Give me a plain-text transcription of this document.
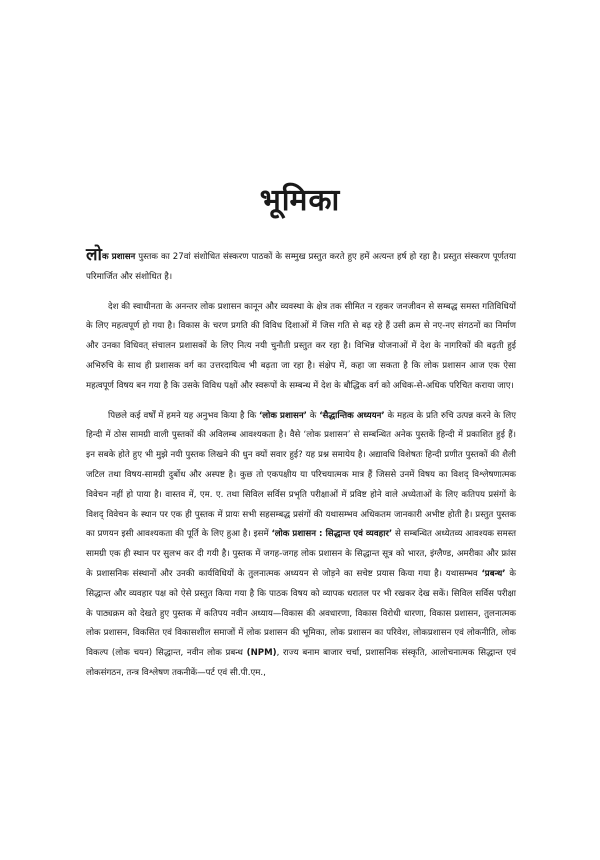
भूमिका

लोक प्रशासन पुस्तक का 27वां संशोधित संस्करण पाठकों के सम्मुख प्रस्तुत करते हुए हमें अत्यन्त हर्ष हो रहा है। प्रस्तुत संस्करण पूर्णतया परिमार्जित और संशोधित है।

देश की स्वाधीनता के अनन्तर लोक प्रशासन कानून और व्यवस्था के क्षेत्र तक सीमित न रहकर जनजीवन से सम्बद्ध समस्त गतिविधियों के लिए महत्वपूर्ण हो गया है। विकास के चरण प्रगति की विविध दिशाओं में जिस गति से बढ़ रहे हैं उसी क्रम से नए-नए संगठनों का निर्माण और उनका विधिवत् संचालन प्रशासकों के लिए नित्य नयी चुनौती प्रस्तुत कर रहा है। विभिन्न योजनाओं में देश के नागरिकों की बढ़ती हुई अभिरुचि के साथ ही प्रशासक वर्ग का उत्तरदायित्व भी बढ़ता जा रहा है। संक्षेप में, कहा जा सकता है कि लोक प्रशासन आज एक ऐसा महत्वपूर्ण विषय बन गया है कि उसके विविध पक्षों और स्वरूपों के सम्बन्ध में देश के बौद्धिक वर्ग को अधिक-से-अधिक परिचित कराया जाए।

पिछले कई वर्षों में हमने यह अनुभव किया है कि ‘लोक प्रशासन’ के ‘सैद्धान्तिक अध्ययन’ के महत्व के प्रति रुचि उत्पन्न करने के लिए हिन्दी में ठोस सामग्री वाली पुस्तकों की अविलम्ब आवश्यकता है। वैसे ‘लोक प्रशासन’ से सम्बन्धित अनेक पुस्तकें हिन्दी में प्रकाशित हुई हैं। इन सबके होते हुए भी मुझे नयी पुस्तक लिखने की धुन क्यों सवार हुई? यह प्रश्न समायेय है। अद्यावधि विशेषतः हिन्दी प्रणीत पुस्तकों की शैली जटिल तथा विषय-सामग्री दुर्बोध और अस्पष्ट है। कुछ तो एकपक्षीय या परिचयात्मक मात्र हैं जिससे उनमें विषय का विशद् विश्लेषणात्मक विवेचन नहीं हो पाया है। वास्तव में, एम. ए. तथा सिविल सर्विस प्रभृति परीक्षाओं में प्रविष्ट होने वाले अध्येताओं के लिए कतिपय प्रसंगों के विशद् विवेचन के स्थान पर एक ही पुस्तक में प्रायः सभी सहसम्बद्ध प्रसंगों की यथासम्भव अधिकतम जानकारी अभीष्ट होती है। प्रस्तुत पुस्तक का प्रणयन इसी आवश्यकता की पूर्ति के लिए हुआ है। इसमें ‘लोक प्रशासन : सिद्धान्त एवं व्यवहार’ से सम्बन्धित अध्येतव्य आवश्यक समस्त सामग्री एक ही स्थान पर सुलभ कर दी गयी है। पुस्तक में जगह-जगह लोक प्रशासन के सिद्धान्त सूत्र को भारत, इंग्लैण्ड, अमरीका और फ्रांस के प्रशासनिक संस्थानों और उनकी कार्यविधियों के तुलनात्मक अध्ययन से जोड़ने का सचेष्ट प्रयास किया गया है। यथासम्भव ‘प्रबन्ध’ के सिद्धान्त और व्यवहार पक्ष को ऐसे प्रस्तुत किया गया है कि पाठक विषय को व्यापक धरातल पर भी रखकर देख सकें। सिविल सर्विस परीक्षा के पाठ्यक्रम को देखते हुए पुस्तक में कतिपय नवीन अध्याय—विकास की अवधारणा, विकास विरोधी धारणा, विकास प्रशासन, तुलनात्मक लोक प्रशासन, विकसित एवं विकासशील समाजों में लोक प्रशासन की भूमिका, लोक प्रशासन का परिवेश, लोकप्रशासन एवं लोकनीति, लोक विकल्प (लोक चयन) सिद्धान्त, नवीन लोक प्रबन्ध (NPM), राज्य बनाम बाजार चर्चा, प्रशासनिक संस्कृति, आलोचनात्मक सिद्धान्त एवं लोकसंगठन, तन्त्र विश्लेषण तकनीकें—पर्ट एवं सी.पी.एम.,
